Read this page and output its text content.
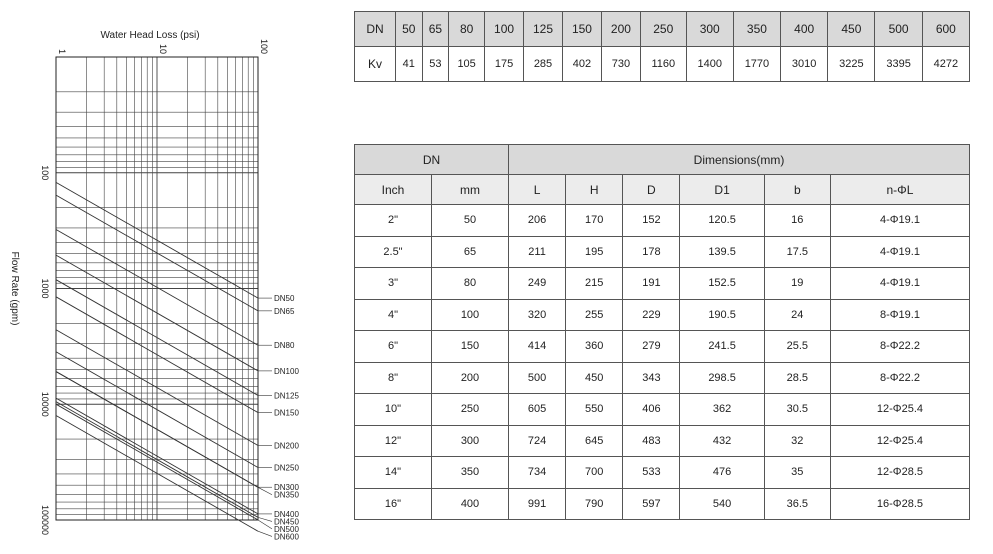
DN50
DN65
DN80
DN100
DN125
DN150
DN200
DN250
DN300
DN350
DN400
DN450
DN500
DN600
Water Head Loss (psi)
1	10	100
100
1000
10000
100000
Flow Rate (gpm)
DN	50	65	80	100	125	150	200	250	300	350	400	450	500	600
Kv	41	53	105	175	285	402	730	1160	1400	1770	3010	3225	3395	4272
DN		Dimensions(mm)					
Inch	mm	L	H	D	D1	b	n-ΦL
2"	50	206	170	152	120.5	16	4-Φ19.1
2.5"	65	211	195	178	139.5	17.5	4-Φ19.1
3"	80	249	215	191	152.5	19	4-Φ19.1
4"	100	320	255	229	190.5	24	8-Φ19.1
6"	150	414	360	279	241.5	25.5	8-Φ22.2
8"	200	500	450	343	298.5	28.5	8-Φ22.2
10"	250	605	550	406	362	30.5	12-Φ25.4
12"	300	724	645	483	432	32	12-Φ25.4
14"	350	734	700	533	476	35	12-Φ28.5
16"	400	991	790	597	540	36.5	16-Φ28.5
